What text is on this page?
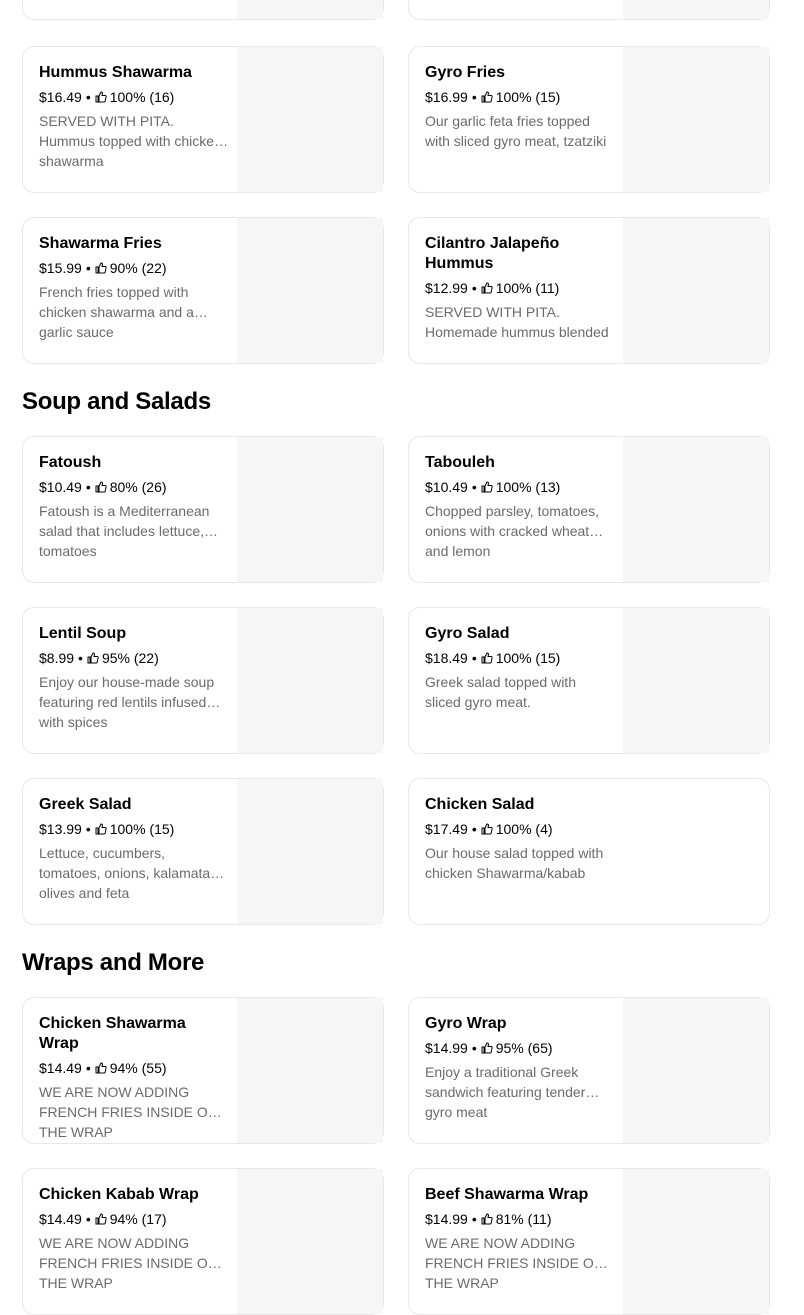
Hummus Shawarma
$16.49 • 100% (16)
SERVED WITH PITA. Hummus topped with chicken shawarma
Gyro Fries
$16.99 • 100% (15)
Our garlic feta fries topped with sliced gyro meat, tzatziki
Shawarma Fries
$15.99 • 90% (22)
French fries topped with chicken shawarma and a garlic sauce
Cilantro Jalapeño Hummus
$12.99 • 100% (11)
SERVED WITH PITA. Homemade hummus blended
Soup and Salads
Fatoush
$10.49 • 80% (26)
Fatoush is a Mediterranean salad that includes lettuce, tomatoes
Tabouleh
$10.49 • 100% (13)
Chopped parsley, tomatoes, onions with cracked wheat and lemon
Lentil Soup
$8.99 • 95% (22)
Enjoy our house-made soup featuring red lentils infused with spices
Gyro Salad
$18.49 • 100% (15)
Greek salad topped with sliced gyro meat.
Greek Salad
$13.99 • 100% (15)
Lettuce, cucumbers, tomatoes, onions, kalamata olives and feta
Chicken Salad
$17.49 • 100% (4)
Our house salad topped with chicken Shawarma/kabab
Wraps and More
Chicken Shawarma Wrap
$14.49 • 94% (55)
WE ARE NOW ADDING FRENCH FRIES INSIDE OF THE WRAP
Gyro Wrap
$14.99 • 95% (65)
Enjoy a traditional Greek sandwich featuring tender gyro meat
Chicken Kabab Wrap
$14.49 • 94% (17)
WE ARE NOW ADDING FRENCH FRIES INSIDE OF THE WRAP
Beef Shawarma Wrap
$14.99 • 81% (11)
WE ARE NOW ADDING FRENCH FRIES INSIDE OF THE WRAP
